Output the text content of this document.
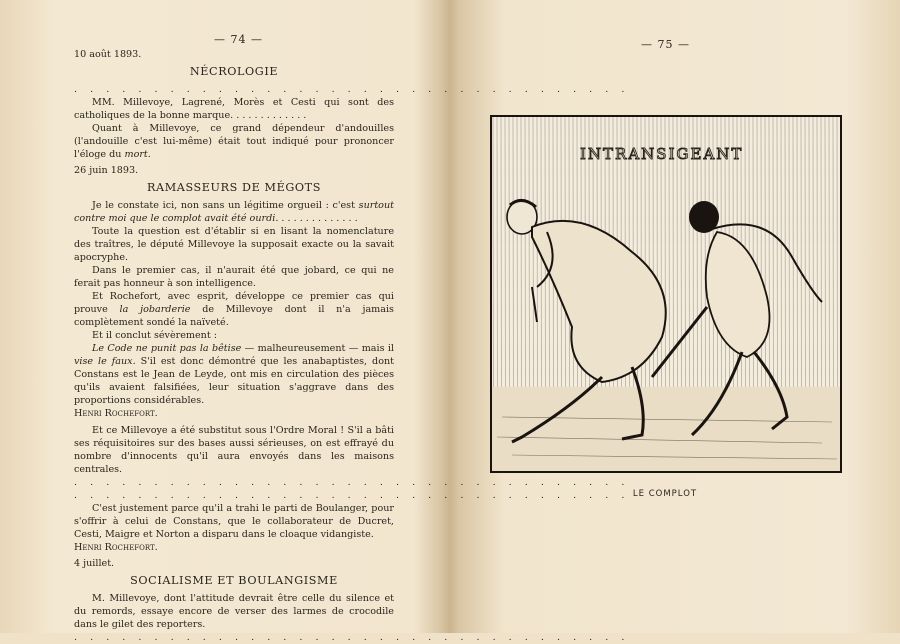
— 74 —

10 août 1893.

NÉCROLOGIE
. . . . . . . . . . . . . . . . . . . . . . . . . . . . . . . . . . .

MM. Millevoye, Lagrené, Morès et Cesti qui sont des catholiques de la bonne marque. . . . . . . . . . . . .

Quant à Millevoye, ce grand dépendeur d'andouilles (l'andouille c'est lui-même) était tout indiqué pour prononcer l'éloge du mort.

26 juin 1893.

RAMASSEURS DE MÉGOTS

Je le constate ici, non sans un légitime orgueil : c'est surtout contre moi que le complot avait été ourdi. . . . . . . . . . . . . .

Toute la question est d'établir si en lisant la nomenclature des traîtres, le député Millevoye la supposait exacte ou la savait apocryphe.

Dans le premier cas, il n'aurait été que jobard, ce qui ne ferait pas honneur à son intelligence.

Et Rochefort, avec esprit, développe ce premier cas qui prouve la jobarderie de Millevoye dont il n'a jamais complètement sondé la naïveté.

Et il conclut sévèrement :

Le Code ne punit pas la bêtise — malheureusement — mais il vise le faux. S'il est donc démontré que les anabaptistes, dont Constans est le Jean de Leyde, ont mis en circulation des pièces qu'ils avaient falsifiées, leur situation s'aggrave dans des proportions considérables.

Henri Rochefort.

Et ce Millevoye a été substitut sous l'Ordre Moral ! S'il a bâti ses réquisitoires sur des bases aussi sérieuses, on est effrayé du nombre d'innocents qu'il aura envoyés dans les maisons centrales.

. . . . . . . . . . . . . . . . . . . . . . . . . . . . . . . . . . .
. . . . . . . . . . . . . . . . . . . . . . . . . . . . . . . . . . .

C'est justement parce qu'il a trahi le parti de Boulanger, pour s'offrir à celui de Constans, que le collaborateur de Ducret, Cesti, Maigre et Norton a disparu dans le cloaque vidangiste.

Henri Rochefort.

4 juillet.

SOCIALISME ET BOULANGISME

M. Millevoye, dont l'attitude devrait être celle du silence et du remords, essaye encore de verser des larmes de crocodile dans le gilet des reporters.

. . . . . . . . . . . . . . . . . . . . . . . . . . . . . . . . . . .
— 75 —
INTRANSIGEANT
LE COMPLOT
